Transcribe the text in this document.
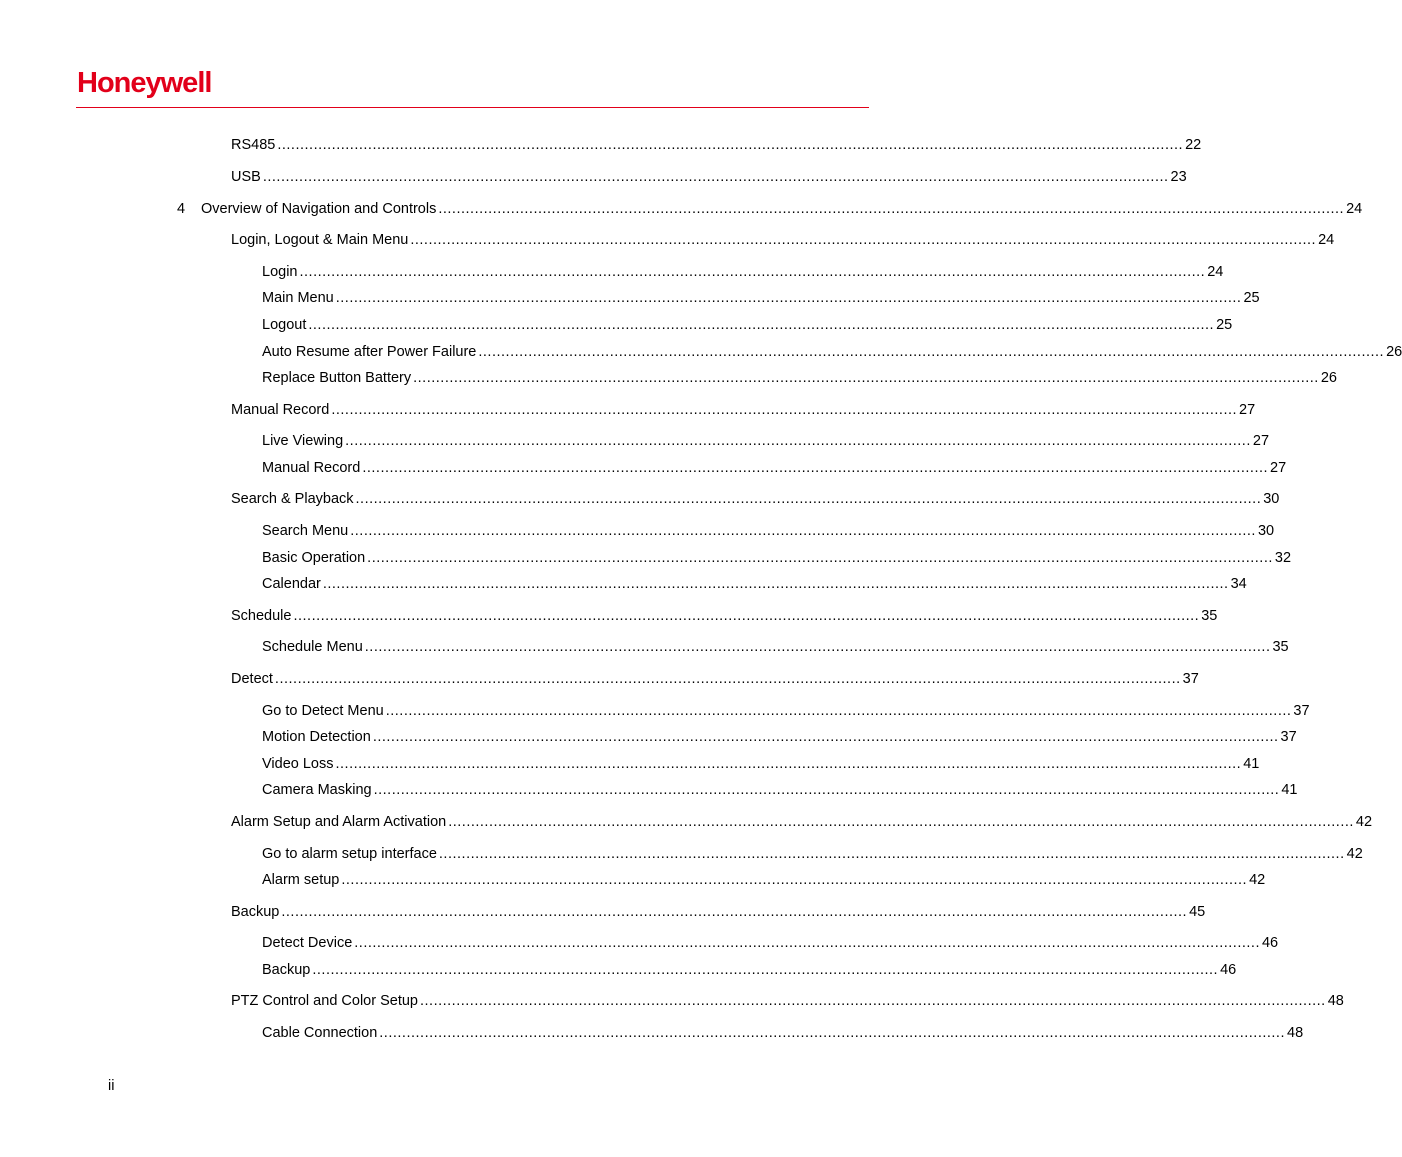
Honeywell
RS485 ........................................................................................................................................................................................................ 22
USB ........................................................................................................................................................................................................ 23
4	Overview of Navigation and Controls ........................................................................................................................................................................................................ 24
Login, Logout & Main Menu ........................................................................................................................................................................................................ 24
Login ........................................................................................................................................................................................................ 24
Main Menu ........................................................................................................................................................................................................ 25
Logout ........................................................................................................................................................................................................ 25
Auto Resume after Power Failure ........................................................................................................................................................................................................ 26
Replace Button Battery ........................................................................................................................................................................................................ 26
Manual Record ........................................................................................................................................................................................................ 27
Live Viewing ........................................................................................................................................................................................................ 27
Manual Record ........................................................................................................................................................................................................ 27
Search & Playback ........................................................................................................................................................................................................ 30
Search Menu ........................................................................................................................................................................................................ 30
Basic Operation ........................................................................................................................................................................................................ 32
Calendar ........................................................................................................................................................................................................ 34
Schedule ........................................................................................................................................................................................................ 35
Schedule Menu ........................................................................................................................................................................................................ 35
Detect ........................................................................................................................................................................................................ 37
Go to Detect Menu ........................................................................................................................................................................................................ 37
Motion Detection ........................................................................................................................................................................................................ 37
Video Loss ........................................................................................................................................................................................................ 41
Camera Masking ........................................................................................................................................................................................................ 41
Alarm Setup and Alarm Activation ........................................................................................................................................................................................................ 42
Go to alarm setup interface ........................................................................................................................................................................................................ 42
Alarm setup ........................................................................................................................................................................................................ 42
Backup ........................................................................................................................................................................................................ 45
Detect Device ........................................................................................................................................................................................................ 46
Backup ........................................................................................................................................................................................................ 46
PTZ Control and Color Setup ........................................................................................................................................................................................................ 48
Cable Connection ........................................................................................................................................................................................................ 48
ii
